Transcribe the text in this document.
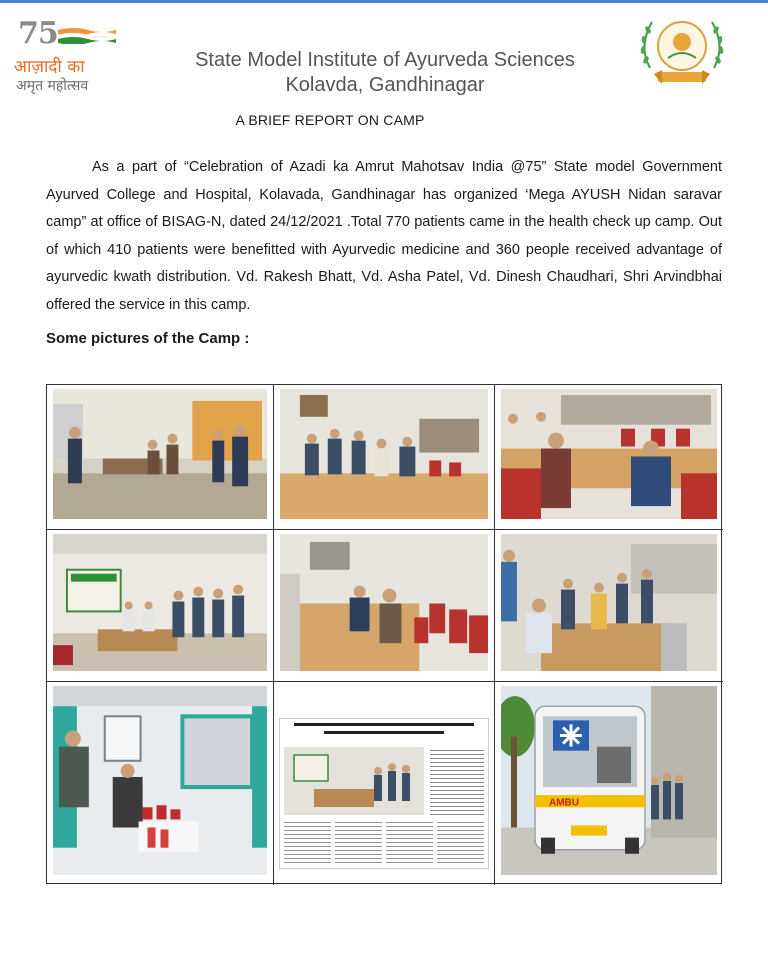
75
आज़ादी का
अमृत महोत्सव
State Model Institute of Ayurveda Sciences
Kolavda, Gandhinagar
A BRIEF REPORT ON CAMP

As a part of “Celebration of Azadi ka Amrut Mahotsav India @75” State model Government Ayurved College and Hospital, Kolavada, Gandhinagar has organized ‘Mega AYUSH Nidan saravar camp” at office of BISAG-N, dated 24/12/2021 .Total 770 patients came in the health check up camp. Out of which 410 patients were benefitted with Ayurvedic medicine and 360 people received advantage of ayurvedic kwath distribution. Vd. Rakesh Bhatt, Vd. Asha Patel, Vd. Dinesh Chaudhari, Shri Arvindbhai offered the service in this camp.

Some pictures of the Camp :
AMBU
